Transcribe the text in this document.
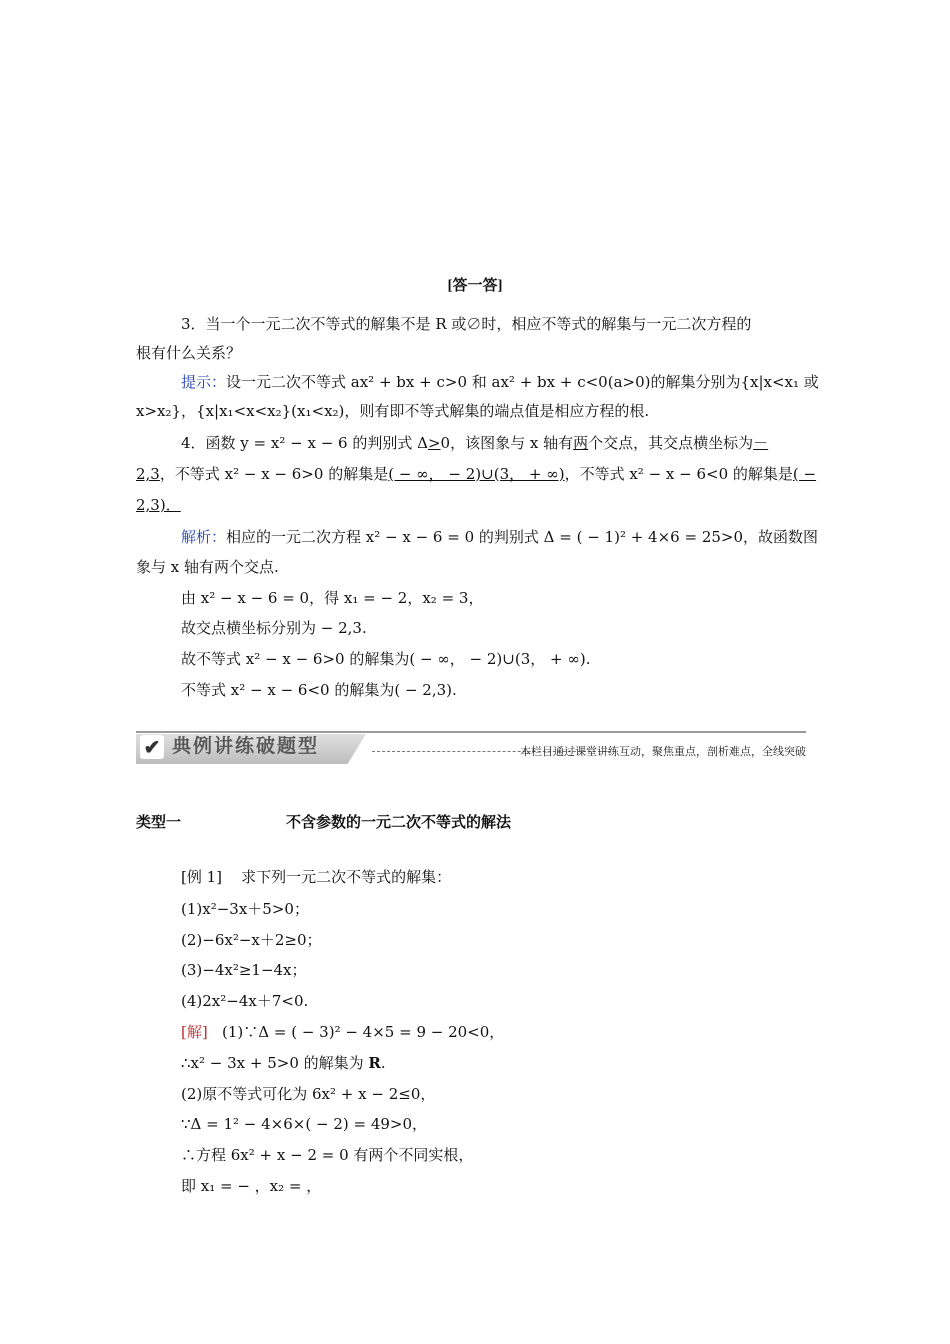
[答一答]
3．当一个一元二次不等式的解集不是 R 或∅时，相应不等式的解集与一元二次方程的
根有什么关系？
提示：设一元二次不等式 ax² + bx + c>0 和 ax² + bx + c<0(a>0)的解集分别为{x|x<x₁ 或
x>x₂}，{x|x₁<x<x₂}(x₁<x₂)，则有即不等式解集的端点值是相应方程的根.
4．函数 y = x² − x − 6 的判别式 Δ>0，该图象与 x 轴有两个交点，其交点横坐标为－
2,3，不等式 x² − x − 6>0 的解集是( − ∞， − 2)∪(3， + ∞)，不等式 x² − x − 6<0 的解集是( −
2,3)．
解析：相应的一元二次方程 x² − x − 6 = 0 的判别式 Δ = ( − 1)² + 4×6 = 25>0，故函数图
象与 x 轴有两个交点.
由 x² − x − 6 = 0，得 x₁ = − 2，x₂ = 3，
故交点横坐标分别为 − 2,3.
故不等式 x² − x − 6>0 的解集为( − ∞， − 2)∪(3， + ∞).
不等式 x² − x − 6<0 的解集为( − 2,3).
✔ 典例讲练破题型	本栏目通过课堂讲练互动，聚焦重点，剖析难点，全线突破
类型一	不含参数的一元二次不等式的解法
[例 1] 求下列一元二次不等式的解集：
(1)x²−3x＋5>0；
(2)−6x²−x＋2≥0；
(3)−4x²≥1−4x；
(4)2x²−4x＋7<0.
[解] (1)∵Δ = ( − 3)² − 4×5 = 9 − 20<0，
∴x² − 3x + 5>0 的解集为 R.
(2)原不等式可化为 6x² + x − 2≤0，
∵Δ = 1² − 4×6×( − 2) = 49>0，
∴方程 6x² + x − 2 = 0 有两个不同实根，
即 x₁ = − ，x₂ = ，
